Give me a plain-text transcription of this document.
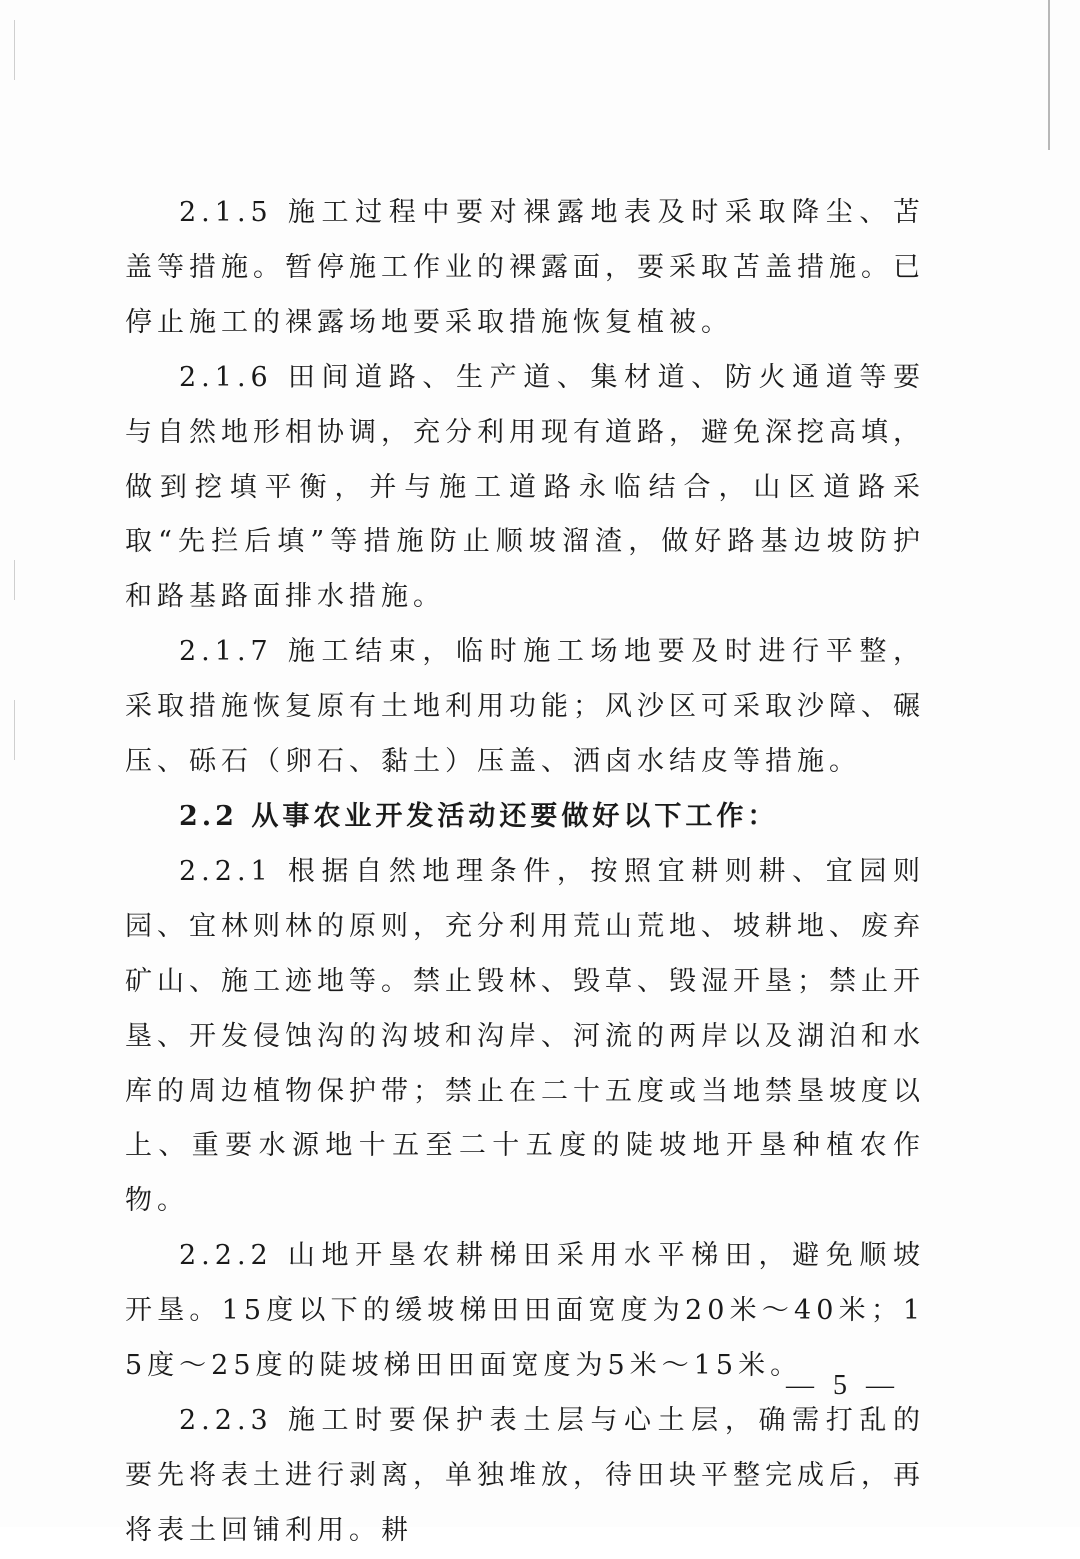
2.1.5 施工过程中要对裸露地表及时采取降尘、苫盖等措施。暂停施工作业的裸露面，要采取苫盖措施。已停止施工的裸露场地要采取措施恢复植被。

2.1.6 田间道路、生产道、集材道、防火通道等要与自然地形相协调，充分利用现有道路，避免深挖高填，做到挖填平衡，并与施工道路永临结合，山区道路采取“先拦后填”等措施防止顺坡溜渣，做好路基边坡防护和路基路面排水措施。

2.1.7 施工结束，临时施工场地要及时进行平整，采取措施恢复原有土地利用功能；风沙区可采取沙障、碾压、砾石（卵石、黏土）压盖、洒卤水结皮等措施。

2.2 从事农业开发活动还要做好以下工作：

2.2.1 根据自然地理条件，按照宜耕则耕、宜园则园、宜林则林的原则，充分利用荒山荒地、坡耕地、废弃矿山、施工迹地等。禁止毁林、毁草、毁湿开垦；禁止开垦、开发侵蚀沟的沟坡和沟岸、河流的两岸以及湖泊和水库的周边植物保护带；禁止在二十五度或当地禁垦坡度以上、重要水源地十五至二十五度的陡坡地开垦种植农作物。

2.2.2 山地开垦农耕梯田采用水平梯田，避免顺坡开垦。15度以下的缓坡梯田田面宽度为20米～40米；15度～25度的陡坡梯田田面宽度为5米～15米。

2.2.3 施工时要保护表土层与心土层，确需打乱的要先将表土进行剥离，单独堆放，待田块平整完成后，再将表土回铺利用。耕

— 5 —
